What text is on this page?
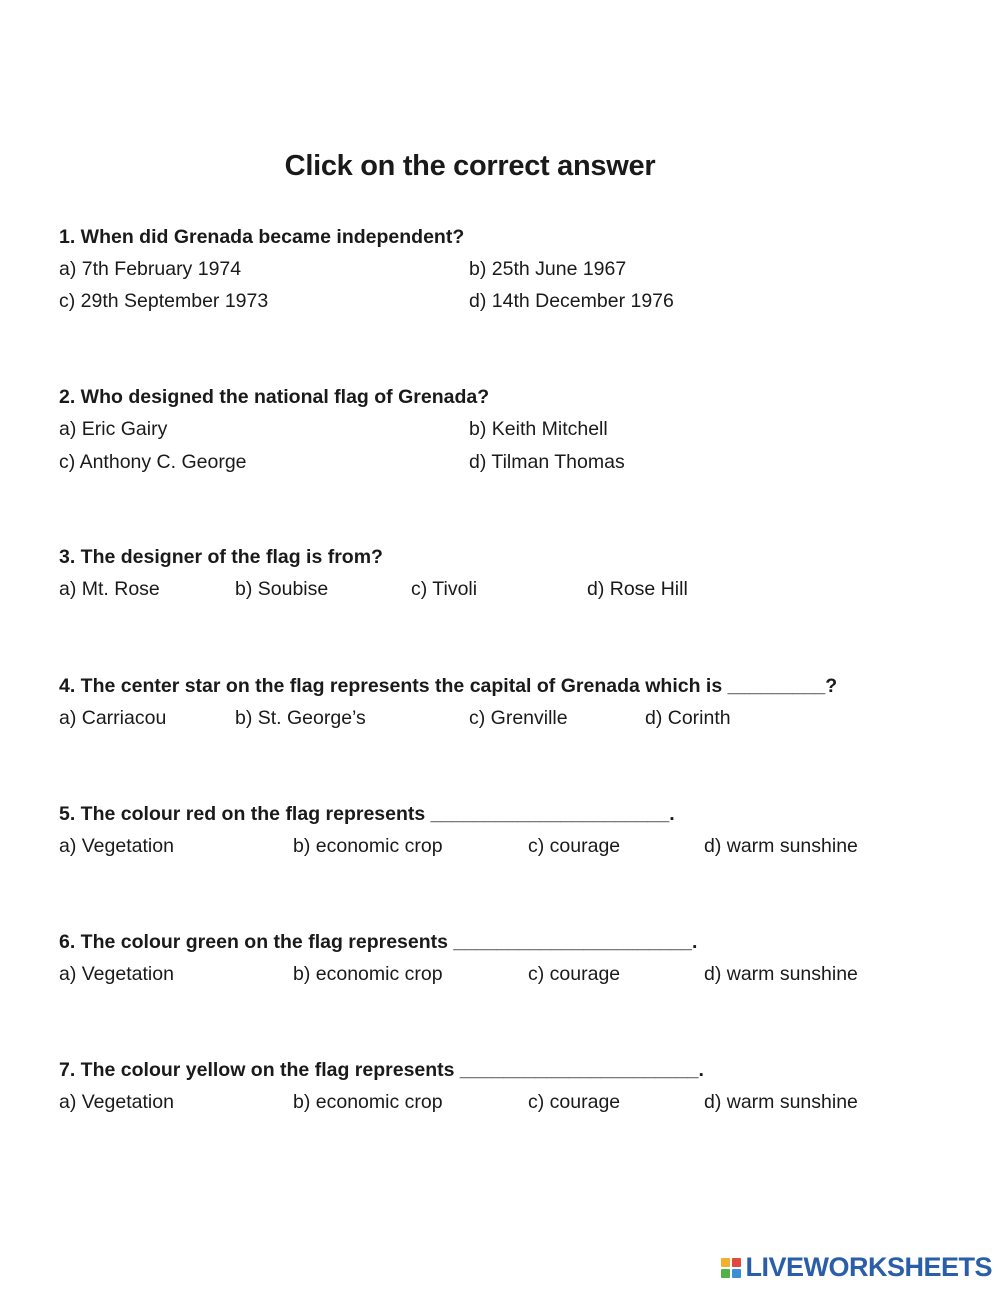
Click on the correct answer
1. When did Grenada became independent?
a) 7th February 1974	b) 25th June 1967
c) 29th September 1973	d) 14th December 1976
2. Who designed the national flag of Grenada?
a) Eric Gairy	b) Keith Mitchell
c) Anthony C. George	d) Tilman Thomas
3. The designer of the flag is from?
a) Mt. Rose	b) Soubise	c) Tivoli	d) Rose Hill
4. The center star on the flag represents the capital of Grenada which is _________?
a) Carriacou	b) St. George’s	c) Grenville	d) Corinth
5. The colour red on the flag represents ______________________.
a) Vegetation	b) economic crop	c) courage	d) warm sunshine
6. The colour green on the flag represents ______________________.
a) Vegetation	b) economic crop	c) courage	d) warm sunshine
7. The colour yellow on the flag represents ______________________.
a) Vegetation	b) economic crop	c) courage	d) warm sunshine
LIVEWORKSHEETS
